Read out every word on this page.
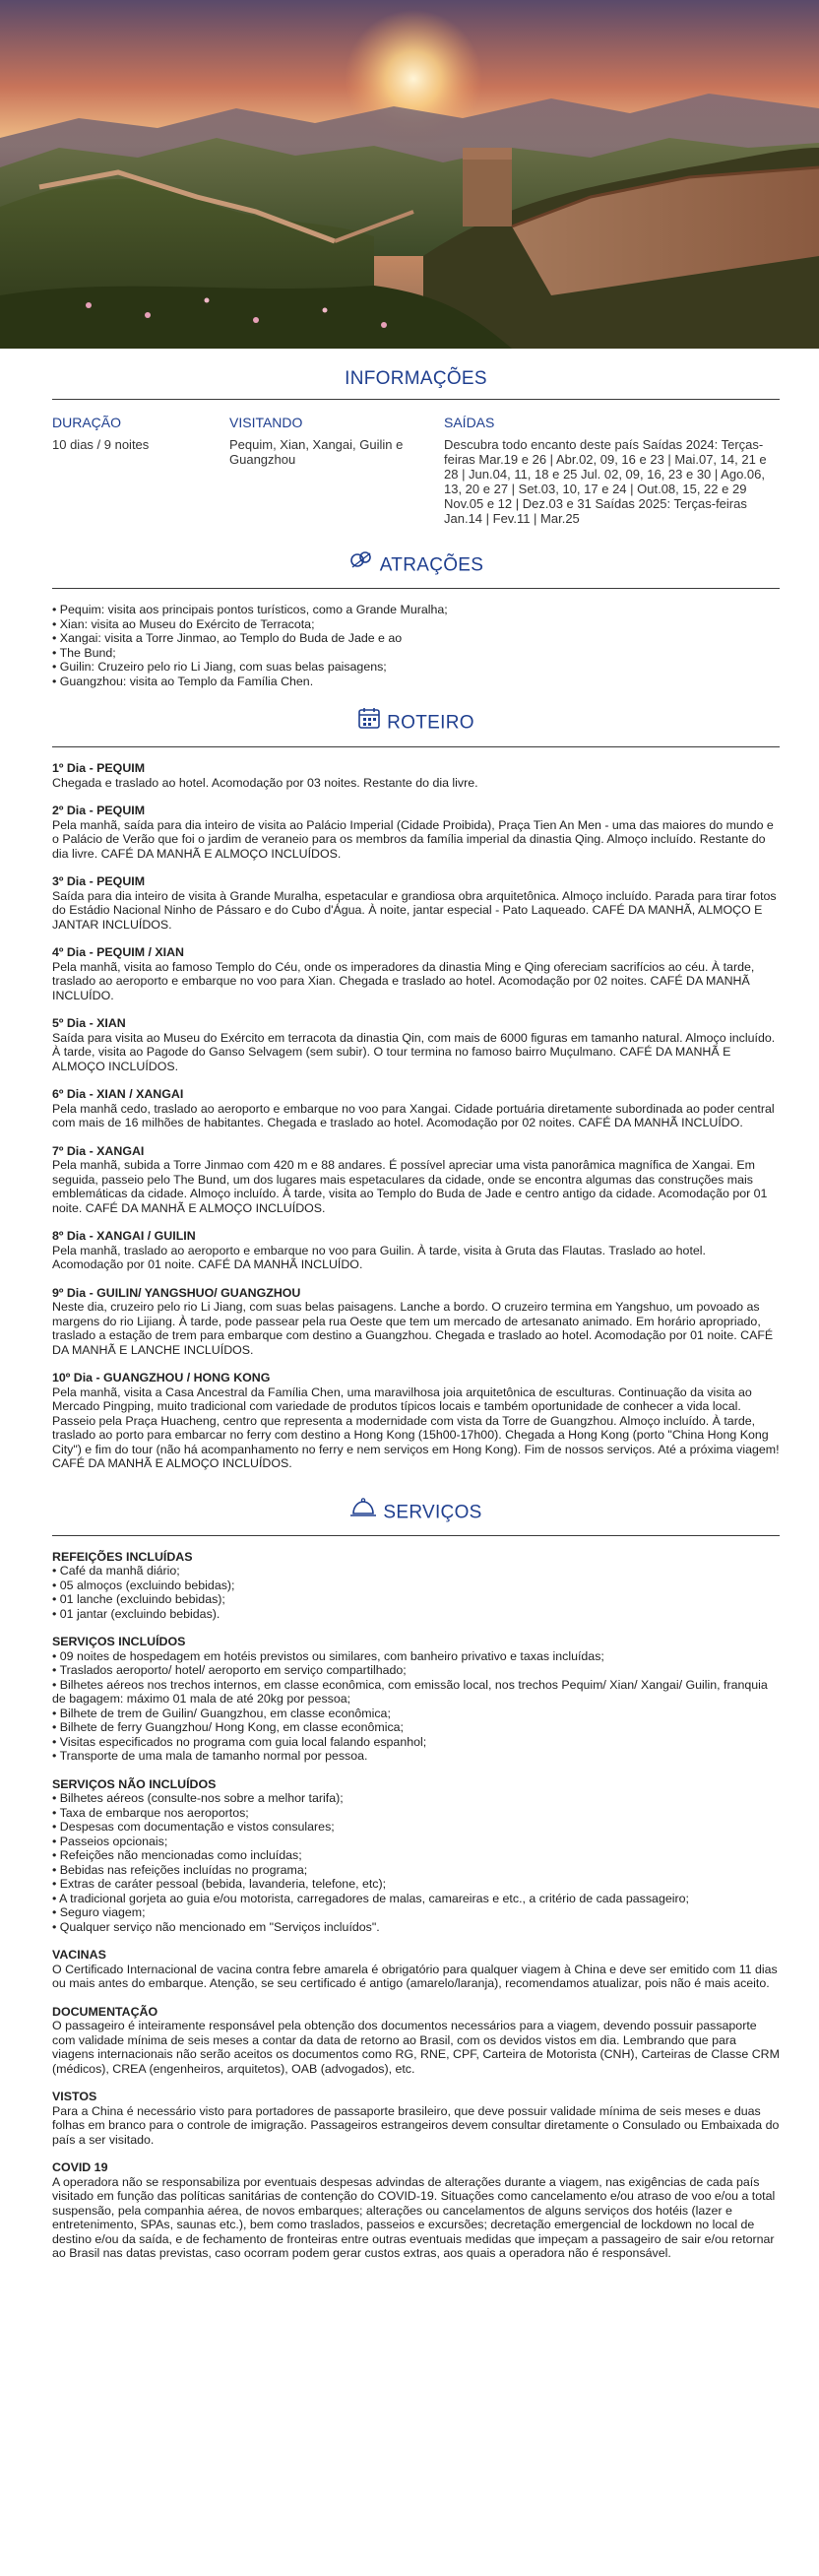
INFORMAÇÕES
DURAÇÃO

10 dias / 9 noites

VISITANDO

Pequim, Xian, Xangai, Guilin e Guangzhou

SAÍDAS

Descubra todo encanto deste país Saídas 2024: Terças-feiras Mar.19 e 26 | Abr.02, 09, 16 e 23 | Mai.07, 14, 21 e 28 | Jun.04, 11, 18 e 25 Jul. 02, 09, 16, 23 e 30 | Ago.06, 13, 20 e 27 | Set.03, 10, 17 e 24 | Out.08, 15, 22 e 29 Nov.05 e 12 | Dez.03 e 31 Saídas 2025: Terças-feiras Jan.14 | Fev.11 | Mar.25

ATRAÇÕES
• Pequim: visita aos principais pontos turísticos, como a Grande Muralha;
• Xian: visita ao Museu do Exército de Terracota;
• Xangai: visita a Torre Jinmao, ao Templo do Buda de Jade e ao
• The Bund;
• Guilin: Cruzeiro pelo rio Li Jiang, com suas belas paisagens;
• Guangzhou: visita ao Templo da Família Chen.
ROTEIRO
1º Dia - PEQUIM

Chegada e traslado ao hotel. Acomodação por 03 noites. Restante do dia livre.

2º Dia - PEQUIM

Pela manhã, saída para dia inteiro de visita ao Palácio Imperial (Cidade Proibida), Praça Tien An Men - uma das maiores do mundo e o Palácio de Verão que foi o jardim de veraneio para os membros da família imperial da dinastia Qing. Almoço incluído. Restante do dia livre. CAFÉ DA MANHÃ E ALMOÇO INCLUÍDOS.

3º Dia - PEQUIM

Saída para dia inteiro de visita à Grande Muralha, espetacular e grandiosa obra arquitetônica. Almoço incluído. Parada para tirar fotos do Estádio Nacional Ninho de Pássaro e do Cubo d'Água. À noite, jantar especial - Pato Laqueado. CAFÉ DA MANHÃ, ALMOÇO E JANTAR INCLUÍDOS.

4º Dia - PEQUIM / XIAN

Pela manhã, visita ao famoso Templo do Céu, onde os imperadores da dinastia Ming e Qing ofereciam sacrifícios ao céu. À tarde, traslado ao aeroporto e embarque no voo para Xian. Chegada e traslado ao hotel. Acomodação por 02 noites. CAFÉ DA MANHÃ INCLUÍDO.

5º Dia - XIAN

Saída para visita ao Museu do Exército em terracota da dinastia Qin, com mais de 6000 figuras em tamanho natural. Almoço incluído. À tarde, visita ao Pagode do Ganso Selvagem (sem subir). O tour termina no famoso bairro Muçulmano. CAFÉ DA MANHÃ E ALMOÇO INCLUÍDOS.

6º Dia - XIAN / XANGAI

Pela manhã cedo, traslado ao aeroporto e embarque no voo para Xangai. Cidade portuária diretamente subordinada ao poder central com mais de 16 milhões de habitantes. Chegada e traslado ao hotel. Acomodação por 02 noites. CAFÉ DA MANHÃ INCLUÍDO.

7º Dia - XANGAI

Pela manhã, subida a Torre Jinmao com 420 m e 88 andares. É possível apreciar uma vista panorâmica magnífica de Xangai. Em seguida, passeio pelo The Bund, um dos lugares mais espetaculares da cidade, onde se encontra algumas das construções mais emblemáticas da cidade. Almoço incluído. À tarde, visita ao Templo do Buda de Jade e centro antigo da cidade. Acomodação por 01 noite. CAFÉ DA MANHÃ E ALMOÇO INCLUÍDOS.

8º Dia - XANGAI / GUILIN

Pela manhã, traslado ao aeroporto e embarque no voo para Guilin. À tarde, visita à Gruta das Flautas. Traslado ao hotel. Acomodação por 01 noite. CAFÉ DA MANHÃ INCLUÍDO.

9º Dia - GUILIN/ YANGSHUO/ GUANGZHOU

Neste dia, cruzeiro pelo rio Li Jiang, com suas belas paisagens. Lanche a bordo. O cruzeiro termina em Yangshuo, um povoado as margens do rio Lijiang. À tarde, pode passear pela rua Oeste que tem um mercado de artesanato animado. Em horário apropriado, traslado a estação de trem para embarque com destino a Guangzhou. Chegada e traslado ao hotel. Acomodação por 01 noite. CAFÉ DA MANHÃ E LANCHE INCLUÍDOS.

10º Dia - GUANGZHOU / HONG KONG

Pela manhã, visita a Casa Ancestral da Família Chen, uma maravilhosa joia arquitetônica de esculturas. Continuação da visita ao Mercado Pingping, muito tradicional com variedade de produtos típicos locais e também oportunidade de conhecer a vida local. Passeio pela Praça Huacheng, centro que representa a modernidade com vista da Torre de Guangzhou. Almoço incluído. À tarde, traslado ao porto para embarcar no ferry com destino a Hong Kong (15h00-17h00). Chegada a Hong Kong (porto "China Hong Kong City") e fim do tour (não há acompanhamento no ferry e nem serviços em Hong Kong). Fim de nossos serviços. Até a próxima viagem! CAFÉ DA MANHÃ E ALMOÇO INCLUÍDOS.

SERVIÇOS
REFEIÇÕES INCLUÍDAS
• Café da manhã diário;
• 05 almoços (excluindo bebidas);
• 01 lanche (excluindo bebidas);
• 01 jantar (excluindo bebidas).
SERVIÇOS INCLUÍDOS
• 09 noites de hospedagem em hotéis previstos ou similares, com banheiro privativo e taxas incluídas;
• Traslados aeroporto/ hotel/ aeroporto em serviço compartilhado;
• Bilhetes aéreos nos trechos internos, em classe econômica, com emissão local, nos trechos Pequim/ Xian/ Xangai/ Guilin, franquia de bagagem: máximo 01 mala de até 20kg por pessoa;
• Bilhete de trem de Guilin/ Guangzhou, em classe econômica;
• Bilhete de ferry Guangzhou/ Hong Kong, em classe econômica;
• Visitas especificados no programa com guia local falando espanhol;
• Transporte de uma mala de tamanho normal por pessoa.
SERVIÇOS NÃO INCLUÍDOS
• Bilhetes aéreos (consulte-nos sobre a melhor tarifa);
• Taxa de embarque nos aeroportos;
• Despesas com documentação e vistos consulares;
• Passeios opcionais;
• Refeições não mencionadas como incluídas;
• Bebidas nas refeições incluídas no programa;
• Extras de caráter pessoal (bebida, lavanderia, telefone, etc);
• A tradicional gorjeta ao guia e/ou motorista, carregadores de malas, camareiras e etc., a critério de cada passageiro;
• Seguro viagem;
• Qualquer serviço não mencionado em "Serviços incluídos".
VACINAS

O Certificado Internacional de vacina contra febre amarela é obrigatório para qualquer viagem à China e deve ser emitido com 11 dias ou mais antes do embarque. Atenção, se seu certificado é antigo (amarelo/laranja), recomendamos atualizar, pois não é mais aceito.

DOCUMENTAÇÃO

O passageiro é inteiramente responsável pela obtenção dos documentos necessários para a viagem, devendo possuir passaporte com validade mínima de seis meses a contar da data de retorno ao Brasil, com os devidos vistos em dia. Lembrando que para viagens internacionais não serão aceitos os documentos como RG, RNE, CPF, Carteira de Motorista (CNH), Carteiras de Classe CRM (médicos), CREA (engenheiros, arquitetos), OAB (advogados), etc.

VISTOS

Para a China é necessário visto para portadores de passaporte brasileiro, que deve possuir validade mínima de seis meses e duas folhas em branco para o controle de imigração. Passageiros estrangeiros devem consultar diretamente o Consulado ou Embaixada do país a ser visitado.

COVID 19

A operadora não se responsabiliza por eventuais despesas advindas de alterações durante a viagem, nas exigências de cada país visitado em função das políticas sanitárias de contenção do COVID-19. Situações como cancelamento e/ou atraso de voo e/ou a total suspensão, pela companhia aérea, de novos embarques; alterações ou cancelamentos de alguns serviços dos hotéis (lazer e entretenimento, SPAs, saunas etc.), bem como traslados, passeios e excursões; decretação emergencial de lockdown no local de destino e/ou da saída, e de fechamento de fronteiras entre outras eventuais medidas que impeçam a passageiro de sair e/ou retornar ao Brasil nas datas previstas, caso ocorram podem gerar custos extras, aos quais a operadora não é responsável.
